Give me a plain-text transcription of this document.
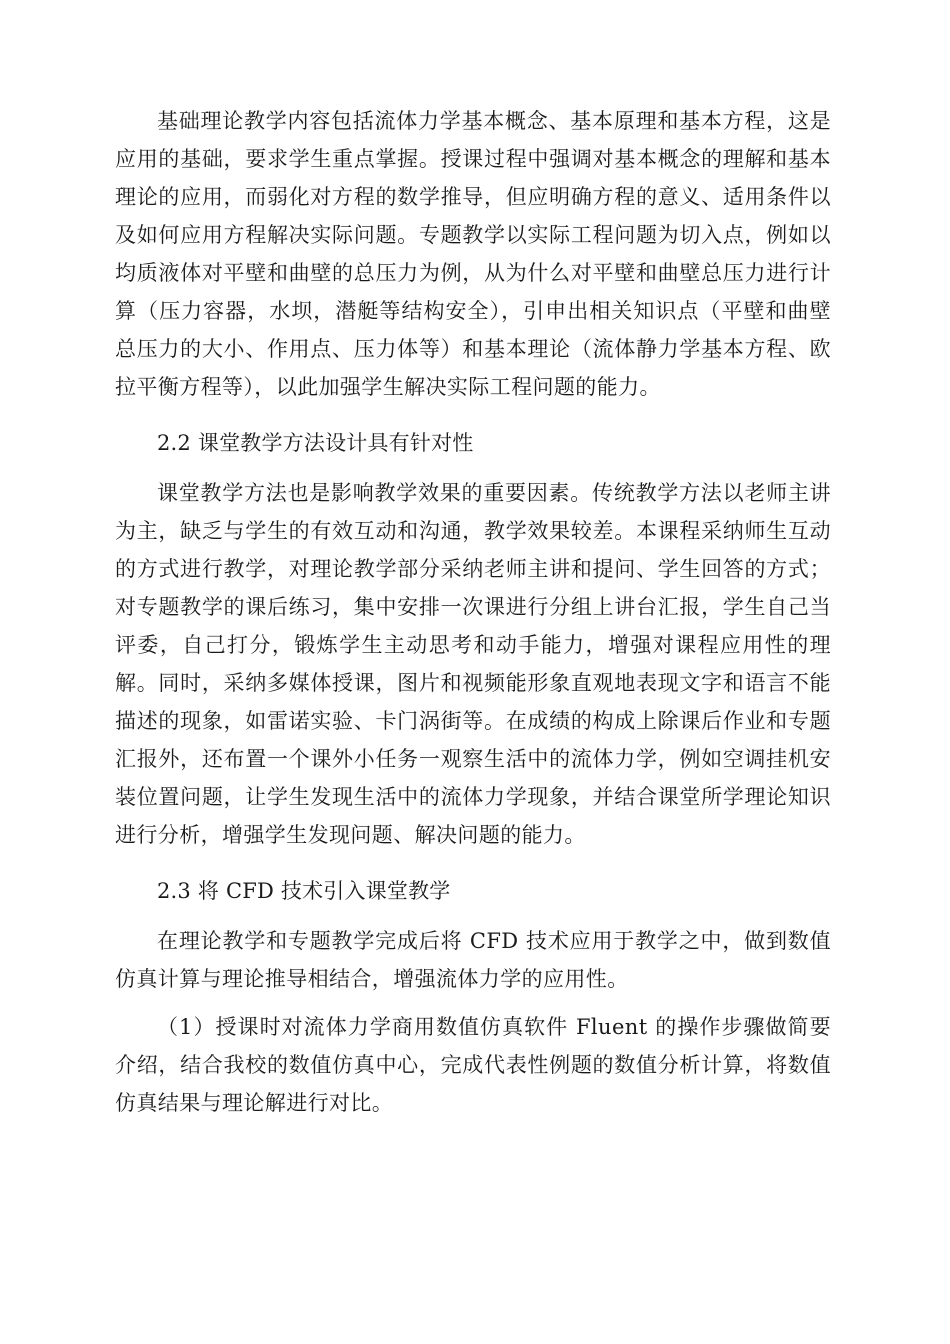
基础理论教学内容包括流体力学基本概念、基本原理和基本方程，这是应用的基础，要求学生重点掌握。授课过程中强调对基本概念的理解和基本理论的应用，而弱化对方程的数学推导，但应明确方程的意义、适用条件以及如何应用方程解决实际问题。专题教学以实际工程问题为切入点，例如以均质液体对平壁和曲壁的总压力为例，从为什么对平壁和曲壁总压力进行计算（压力容器，水坝，潜艇等结构安全），引申出相关知识点（平壁和曲壁总压力的大小、作用点、压力体等）和基本理论（流体静力学基本方程、欧拉平衡方程等），以此加强学生解决实际工程问题的能力。

2.2 课堂教学方法设计具有针对性

课堂教学方法也是影响教学效果的重要因素。传统教学方法以老师主讲为主，缺乏与学生的有效互动和沟通，教学效果较差。本课程采纳师生互动的方式进行教学，对理论教学部分采纳老师主讲和提问、学生回答的方式；对专题教学的课后练习，集中安排一次课进行分组上讲台汇报，学生自己当评委，自己打分，锻炼学生主动思考和动手能力，增强对课程应用性的理解。同时，采纳多媒体授课，图片和视频能形象直观地表现文字和语言不能描述的现象，如雷诺实验、卡门涡街等。在成绩的构成上除课后作业和专题汇报外，还布置一个课外小任务一观察生活中的流体力学，例如空调挂机安装位置问题，让学生发现生活中的流体力学现象，并结合课堂所学理论知识进行分析，增强学生发现问题、解决问题的能力。

2.3 将 CFD 技术引入课堂教学

在理论教学和专题教学完成后将 CFD 技术应用于教学之中，做到数值仿真计算与理论推导相结合，增强流体力学的应用性。

（1）授课时对流体力学商用数值仿真软件 Fluent 的操作步骤做简要介绍，结合我校的数值仿真中心，完成代表性例题的数值分析计算，将数值仿真结果与理论解进行对比。
